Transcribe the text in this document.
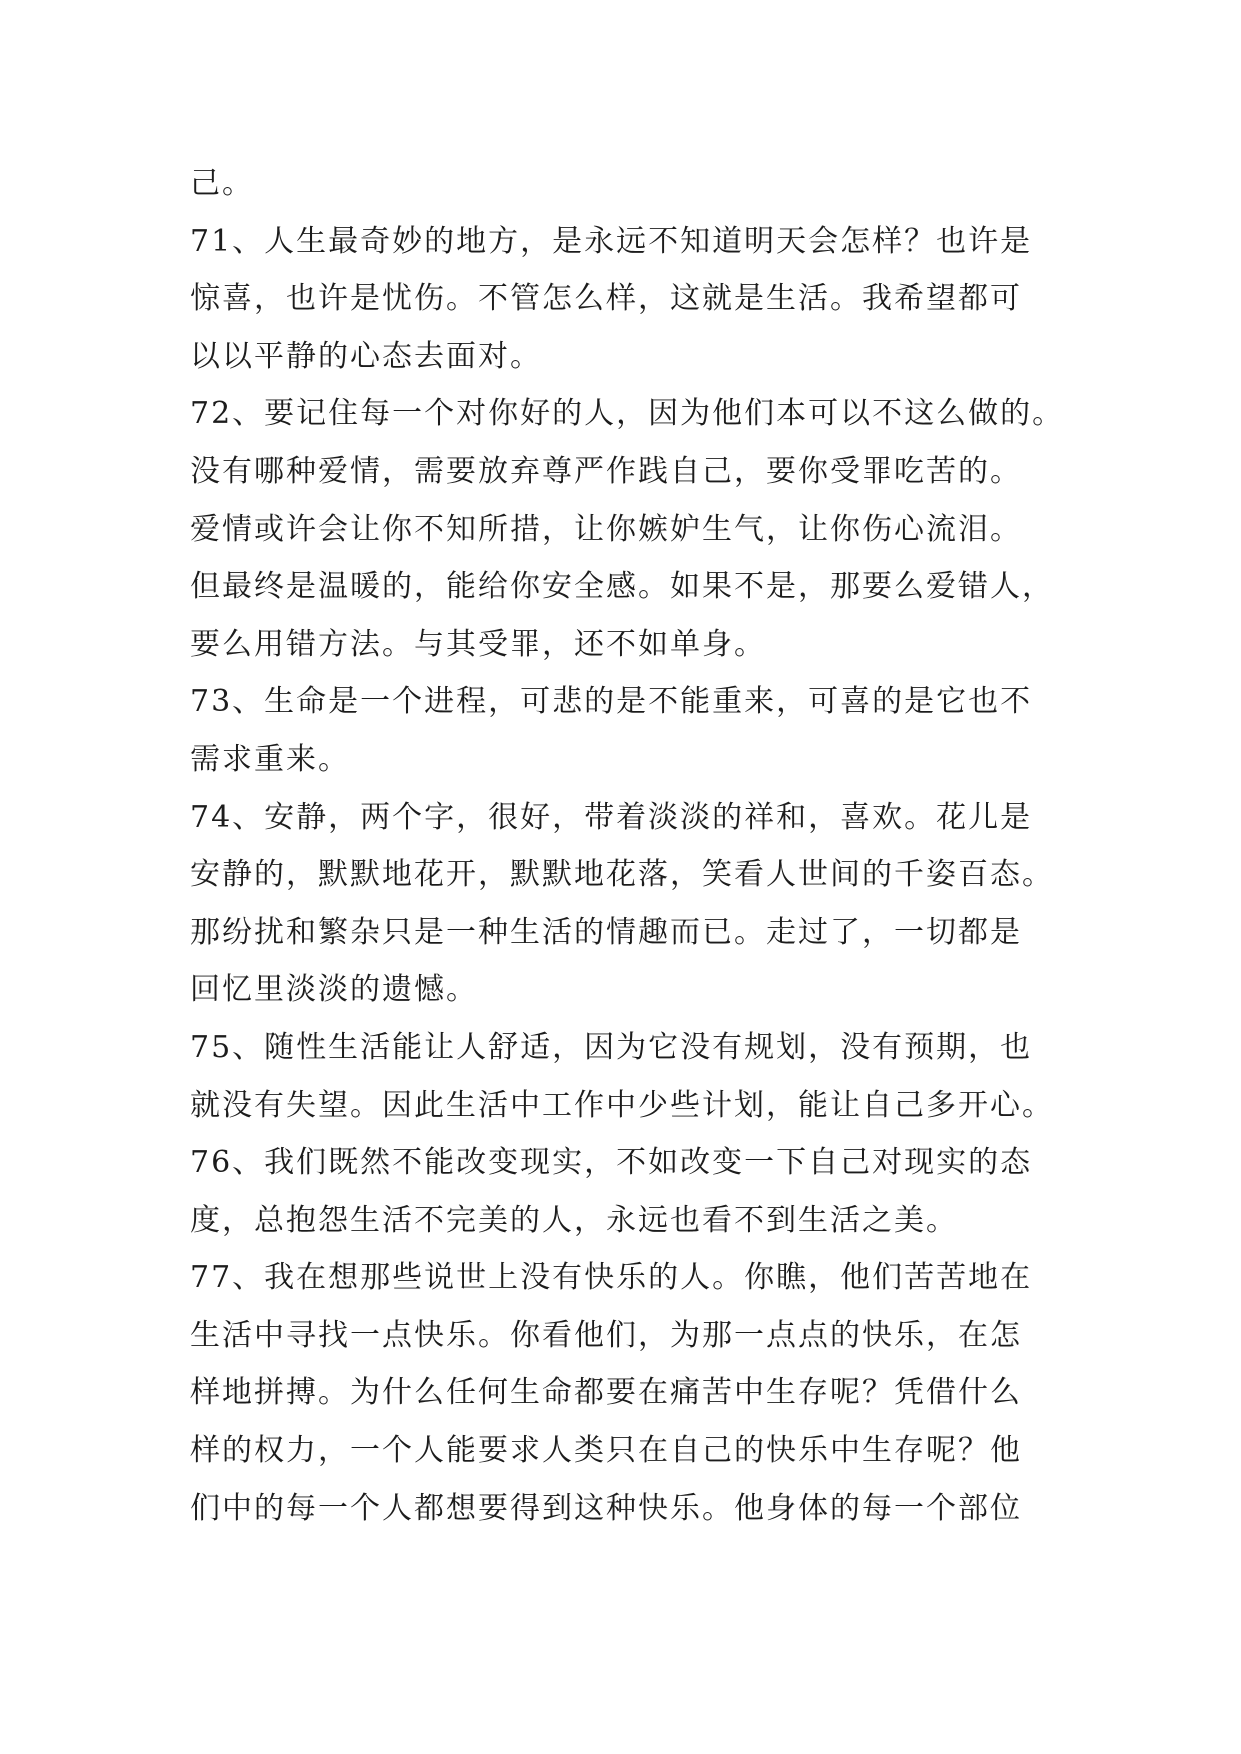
己。
71、人生最奇妙的地方，是永远不知道明天会怎样？也许是
惊喜，也许是忧伤。不管怎么样，这就是生活。我希望都可
以以平静的心态去面对。
72、要记住每一个对你好的人，因为他们本可以不这么做的。
没有哪种爱情，需要放弃尊严作践自己，要你受罪吃苦的。
爱情或许会让你不知所措，让你嫉妒生气，让你伤心流泪。
但最终是温暖的，能给你安全感。如果不是，那要么爱错人，
要么用错方法。与其受罪，还不如单身。
73、生命是一个进程，可悲的是不能重来，可喜的是它也不
需求重来。
74、安静，两个字，很好，带着淡淡的祥和，喜欢。花儿是
安静的，默默地花开，默默地花落，笑看人世间的千姿百态。
那纷扰和繁杂只是一种生活的情趣而已。走过了，一切都是
回忆里淡淡的遗憾。
75、随性生活能让人舒适，因为它没有规划，没有预期，也
就没有失望。因此生活中工作中少些计划，能让自己多开心。
76、我们既然不能改变现实，不如改变一下自己对现实的态
度，总抱怨生活不完美的人，永远也看不到生活之美。
77、我在想那些说世上没有快乐的人。你瞧，他们苦苦地在
生活中寻找一点快乐。你看他们，为那一点点的快乐，在怎
样地拼搏。为什么任何生命都要在痛苦中生存呢？凭借什么
样的权力，一个人能要求人类只在自己的快乐中生存呢？他
们中的每一个人都想要得到这种快乐。他身体的每一个部位
